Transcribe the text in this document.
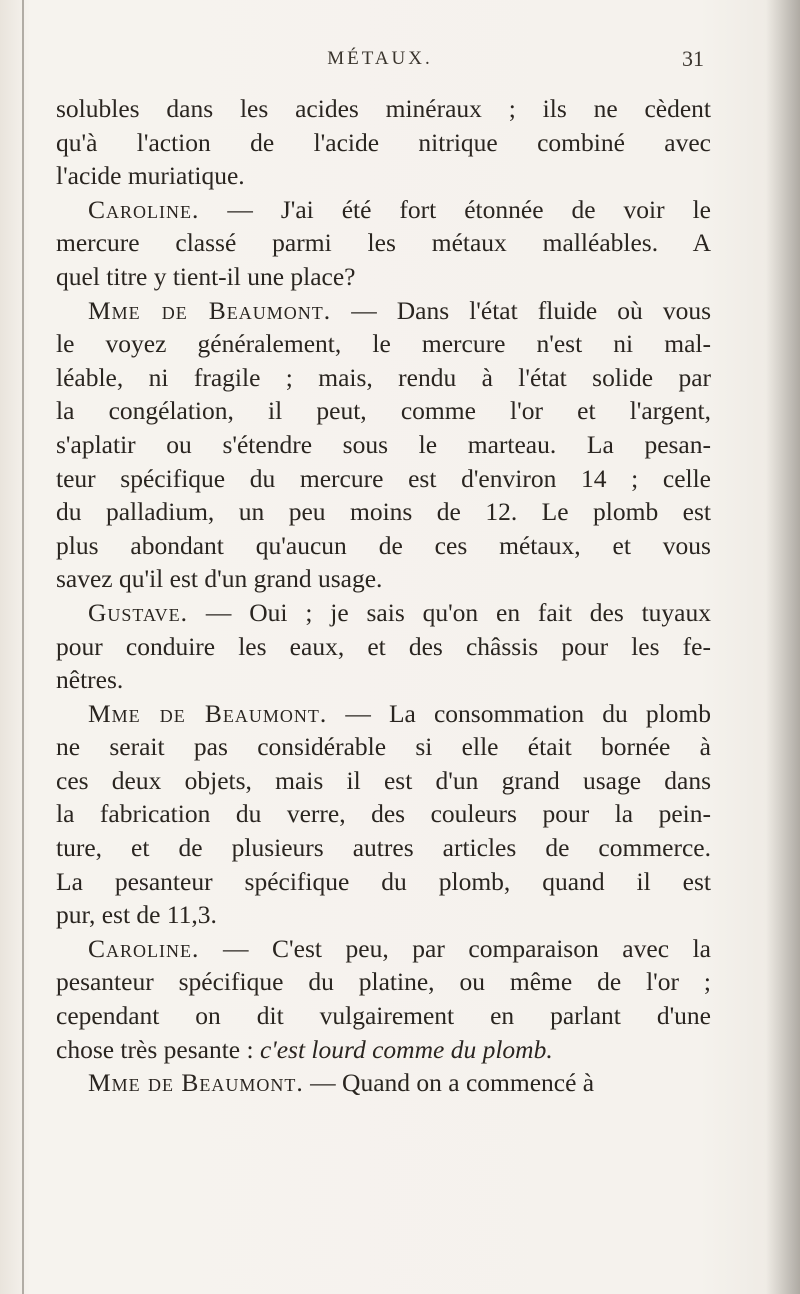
MÉTAUX.	31
solubles dans les acides minéraux ; ils ne cèdent
qu'à l'action de l'acide nitrique combiné avec
l'acide muriatique.
Caroline. — J'ai été fort étonnée de voir le
mercure classé parmi les métaux malléables. A
quel titre y tient-il une place?
Mme de Beaumont. — Dans l'état fluide où vous
le voyez généralement, le mercure n'est ni mal-
léable, ni fragile ; mais, rendu à l'état solide par
la congélation, il peut, comme l'or et l'argent,
s'aplatir ou s'étendre sous le marteau. La pesan-
teur spécifique du mercure est d'environ 14 ; celle
du palladium, un peu moins de 12. Le plomb est
plus abondant qu'aucun de ces métaux, et vous
savez qu'il est d'un grand usage.
Gustave. — Oui ; je sais qu'on en fait des tuyaux
pour conduire les eaux, et des châssis pour les fe-
nêtres.
Mme de Beaumont. — La consommation du plomb
ne serait pas considérable si elle était bornée à
ces deux objets, mais il est d'un grand usage dans
la fabrication du verre, des couleurs pour la pein-
ture, et de plusieurs autres articles de commerce.
La pesanteur spécifique du plomb, quand il est
pur, est de 11,3.
Caroline. — C'est peu, par comparaison avec la
pesanteur spécifique du platine, ou même de l'or ;
cependant on dit vulgairement en parlant d'une
chose très pesante : c'est lourd comme du plomb.
Mme de Beaumont. — Quand on a commencé à
